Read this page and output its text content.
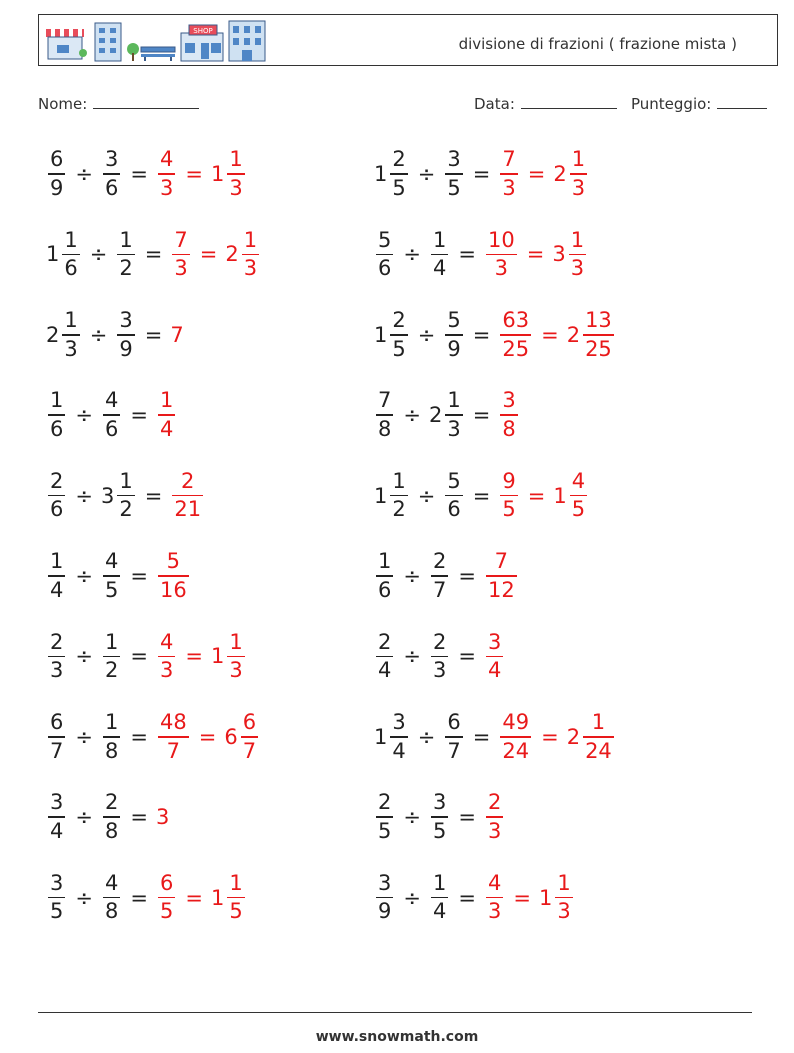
SHOP
divisione di frazioni ( frazione mista )
Nome:	Data:	Punteggio:
$\frac{6}{9} \div \frac{3}{6} = \frac{4}{3} = 1 \frac{1}{3}$	$1 \frac{2}{5} \div \frac{3}{5} = \frac{7}{3} = 2 \frac{1}{3}$
$1 \frac{1}{6} \div \frac{1}{2} = \frac{7}{3} = 2 \frac{1}{3}$	$\frac{5}{6} \div \frac{1}{4} = \frac{10}{3} = 3 \frac{1}{3}$
$2 \frac{1}{3} \div \frac{3}{9} = 7$	$1 \frac{2}{5} \div \frac{5}{9} = \frac{63}{25} = 2 \frac{13}{25}$
$\frac{1}{6} \div \frac{4}{6} = \frac{1}{4}$	$\frac{7}{8} \div 2 \frac{1}{3} = \frac{3}{8}$
$\frac{2}{6} \div 3 \frac{1}{2} = \frac{2}{21}$	$1 \frac{1}{2} \div \frac{5}{6} = \frac{9}{5} = 1 \frac{4}{5}$
$\frac{1}{4} \div \frac{4}{5} = \frac{5}{16}$	$\frac{1}{6} \div \frac{2}{7} = \frac{7}{12}$
$\frac{2}{3} \div \frac{1}{2} = \frac{4}{3} = 1 \frac{1}{3}$	$\frac{2}{4} \div \frac{2}{3} = \frac{3}{4}$
$\frac{6}{7} \div \frac{1}{8} = \frac{48}{7} = 6 \frac{6}{7}$	$1 \frac{3}{4} \div \frac{6}{7} = \frac{49}{24} = 2 \frac{1}{24}$
$\frac{3}{4} \div \frac{2}{8} = 3$	$\frac{2}{5} \div \frac{3}{5} = \frac{2}{3}$
$\frac{3}{5} \div \frac{4}{8} = \frac{6}{5} = 1 \frac{1}{5}$	$\frac{3}{9} \div \frac{1}{4} = \frac{4}{3} = 1 \frac{1}{3}$
www.snowmath.com
